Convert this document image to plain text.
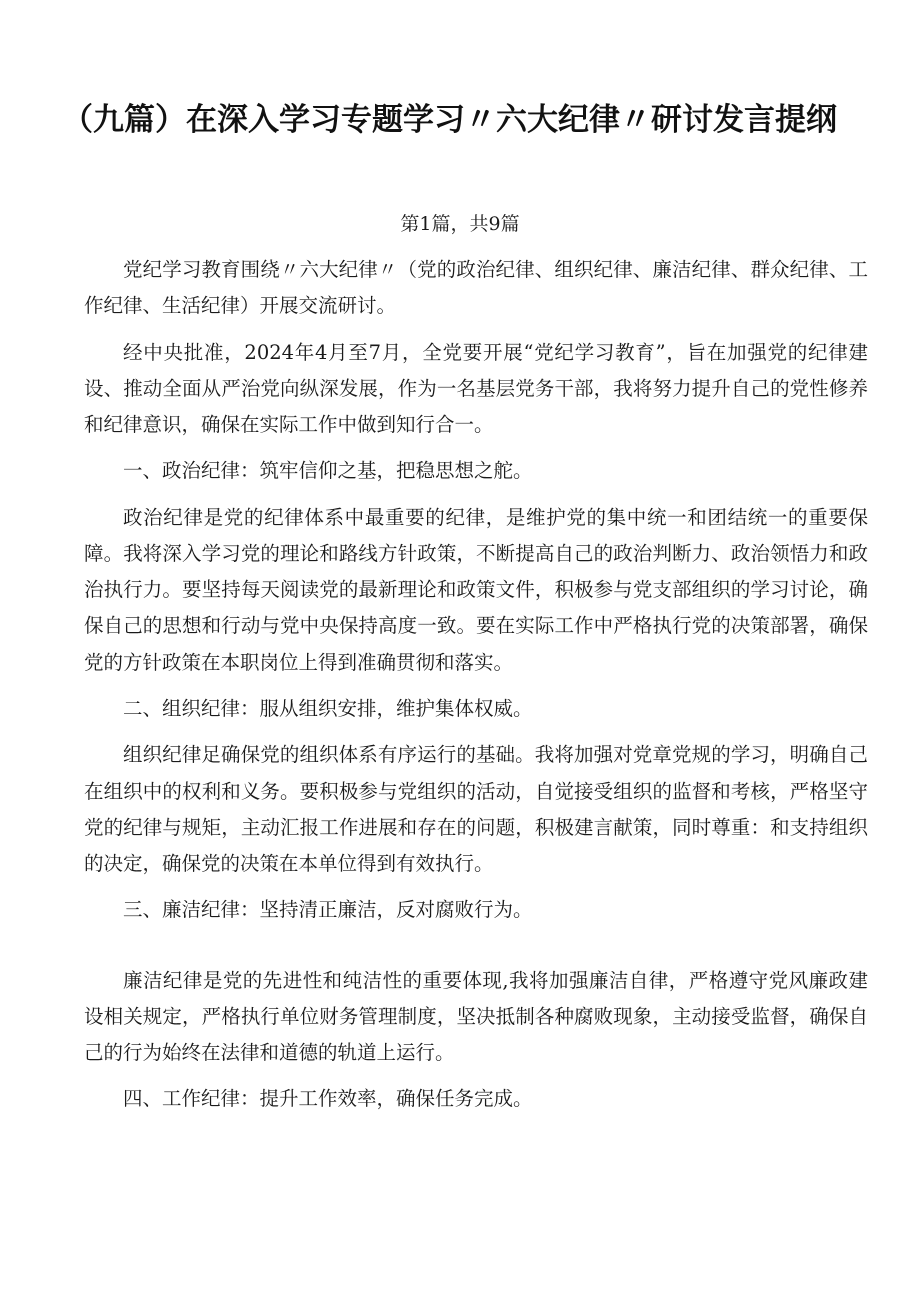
（九篇）在深入学习专题学习〃六大纪律〃研讨发言提纲
第1篇，共9篇

党纪学习教育围绕〃六大纪律〃（党的政治纪律、组织纪律、廉洁纪律、群众纪律、工作纪律、生活纪律）开展交流研讨。

经中央批准，2024年4月至7月，全党要开展“党纪学习教育”，旨在加强党的纪律建设、推动全面从严治党向纵深发展，作为一名基层党务干部，我将努力提升自己的党性修养和纪律意识，确保在实际工作中做到知行合一。

一、政治纪律：筑牢信仰之基，把稳思想之舵。

政治纪律是党的纪律体系中最重要的纪律，是维护党的集中统一和团结统一的重要保障。我将深入学习党的理论和路线方针政策，不断提高自己的政治判断力、政治领悟力和政治执行力。要坚持每天阅读党的最新理论和政策文件，积极参与党支部组织的学习讨论，确保自己的思想和行动与党中央保持高度一致。要在实际工作中严格执行党的决策部署，确保党的方针政策在本职岗位上得到准确贯彻和落实。

二、组织纪律：服从组织安排，维护集体权威。

组织纪律足确保党的组织体系有序运行的基础。我将加强对党章党规的学习，明确自己在组织中的权利和义务。要积极参与党组织的活动，自觉接受组织的监督和考核，严格坚守党的纪律与规矩，主动汇报工作进展和存在的问题，积极建言献策，同时尊重：和支持组织的决定，确保党的决策在本单位得到有效执行。

三、廉洁纪律：坚持清正廉洁，反对腐败行为。

廉洁纪律是党的先进性和纯洁性的重要体现,我将加强廉洁自律，严格遵守党风廉政建设相关规定，严格执行单位财务管理制度，坚决抵制各种腐败现象，主动接受监督，确保自己的行为始终在法律和道德的轨道上运行。

四、工作纪律：提升工作效率，确保任务完成。
